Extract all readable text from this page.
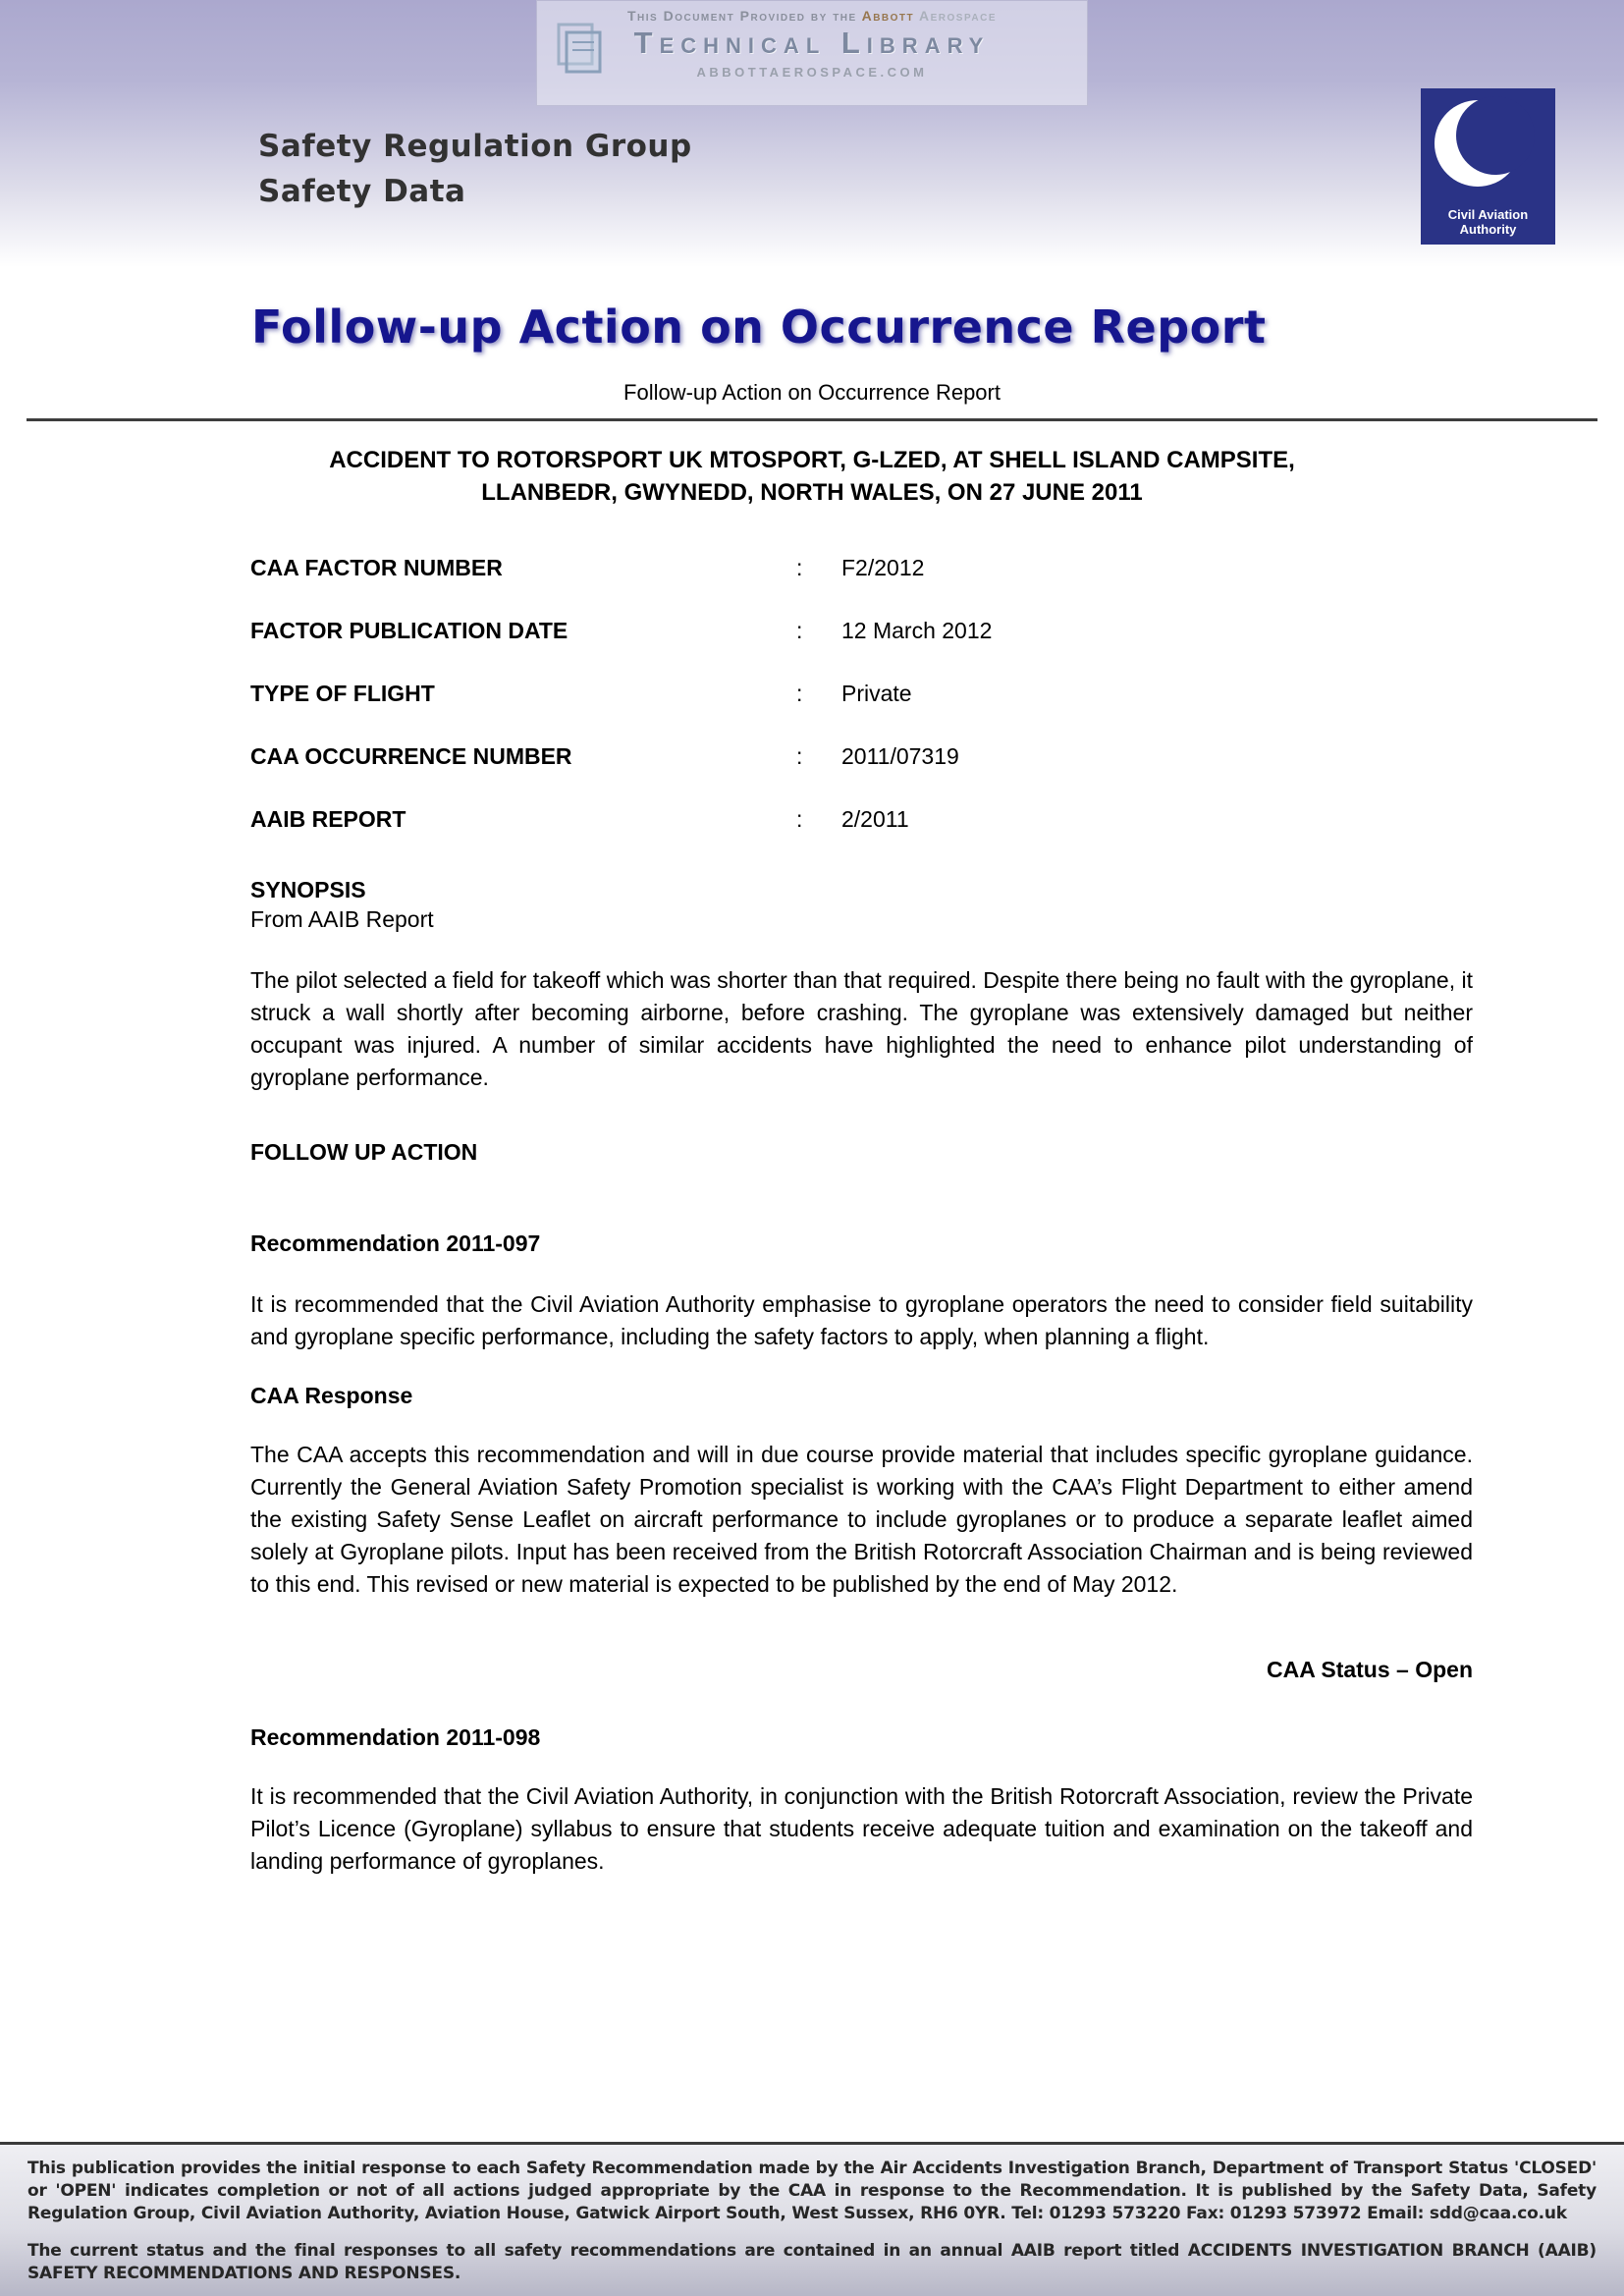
This Document Provided by the Abbott Aerospace
Technical Library
ABBOTTAEROSPACE.COM
Safety Regulation Group
Safety Data
Civil Aviation
Authority
Follow-up Action on Occurrence Report
Follow-up Action on Occurrence Report
ACCIDENT TO ROTORSPORT UK MTOSPORT, G-LZED, AT SHELL ISLAND CAMPSITE,
LLANBEDR, GWYNEDD, NORTH WALES, ON 27 JUNE 2011
CAA FACTOR NUMBER	:	F2/2012
FACTOR PUBLICATION DATE	:	12 March 2012
TYPE OF FLIGHT	:	Private
CAA OCCURRENCE NUMBER	:	2011/07319
AAIB REPORT	:	2/2011
SYNOPSIS
From AAIB Report

The pilot selected a field for takeoff which was shorter than that required. Despite there being no fault with the gyroplane, it struck a wall shortly after becoming airborne, before crashing. The gyroplane was extensively damaged but neither occupant was injured. A number of similar accidents have highlighted the need to enhance pilot understanding of gyroplane performance.

FOLLOW UP ACTION
Recommendation 2011-097

It is recommended that the Civil Aviation Authority emphasise to gyroplane operators the need to consider field suitability and gyroplane specific performance, including the safety factors to apply, when planning a flight.

CAA Response

The CAA accepts this recommendation and will in due course provide material that includes specific gyroplane guidance. Currently the General Aviation Safety Promotion specialist is working with the CAA’s Flight Department to either amend the existing Safety Sense Leaflet on aircraft performance to include gyroplanes or to produce a separate leaflet aimed solely at Gyroplane pilots. Input has been received from the British Rotorcraft Association Chairman and is being reviewed to this end. This revised or new material is expected to be published by the end of May 2012.

CAA Status – Open
Recommendation 2011-098

It is recommended that the Civil Aviation Authority, in conjunction with the British Rotorcraft Association, review the Private Pilot’s Licence (Gyroplane) syllabus to ensure that students receive adequate tuition and examination on the takeoff and landing performance of gyroplanes.

This publication provides the initial response to each Safety Recommendation made by the Air Accidents Investigation Branch, Department of Transport Status 'CLOSED' or 'OPEN' indicates completion or not of all actions judged appropriate by the CAA in response to the Recommendation. It is published by the Safety Data, Safety Regulation Group, Civil Aviation Authority, Aviation House, Gatwick Airport South, West Sussex, RH6 0YR. Tel: 01293 573220 Fax: 01293 573972 Email: sdd@caa.co.uk

The current status and the final responses to all safety recommendations are contained in an annual AAIB report titled ACCIDENTS INVESTIGATION BRANCH (AAIB) SAFETY RECOMMENDATIONS AND RESPONSES.
